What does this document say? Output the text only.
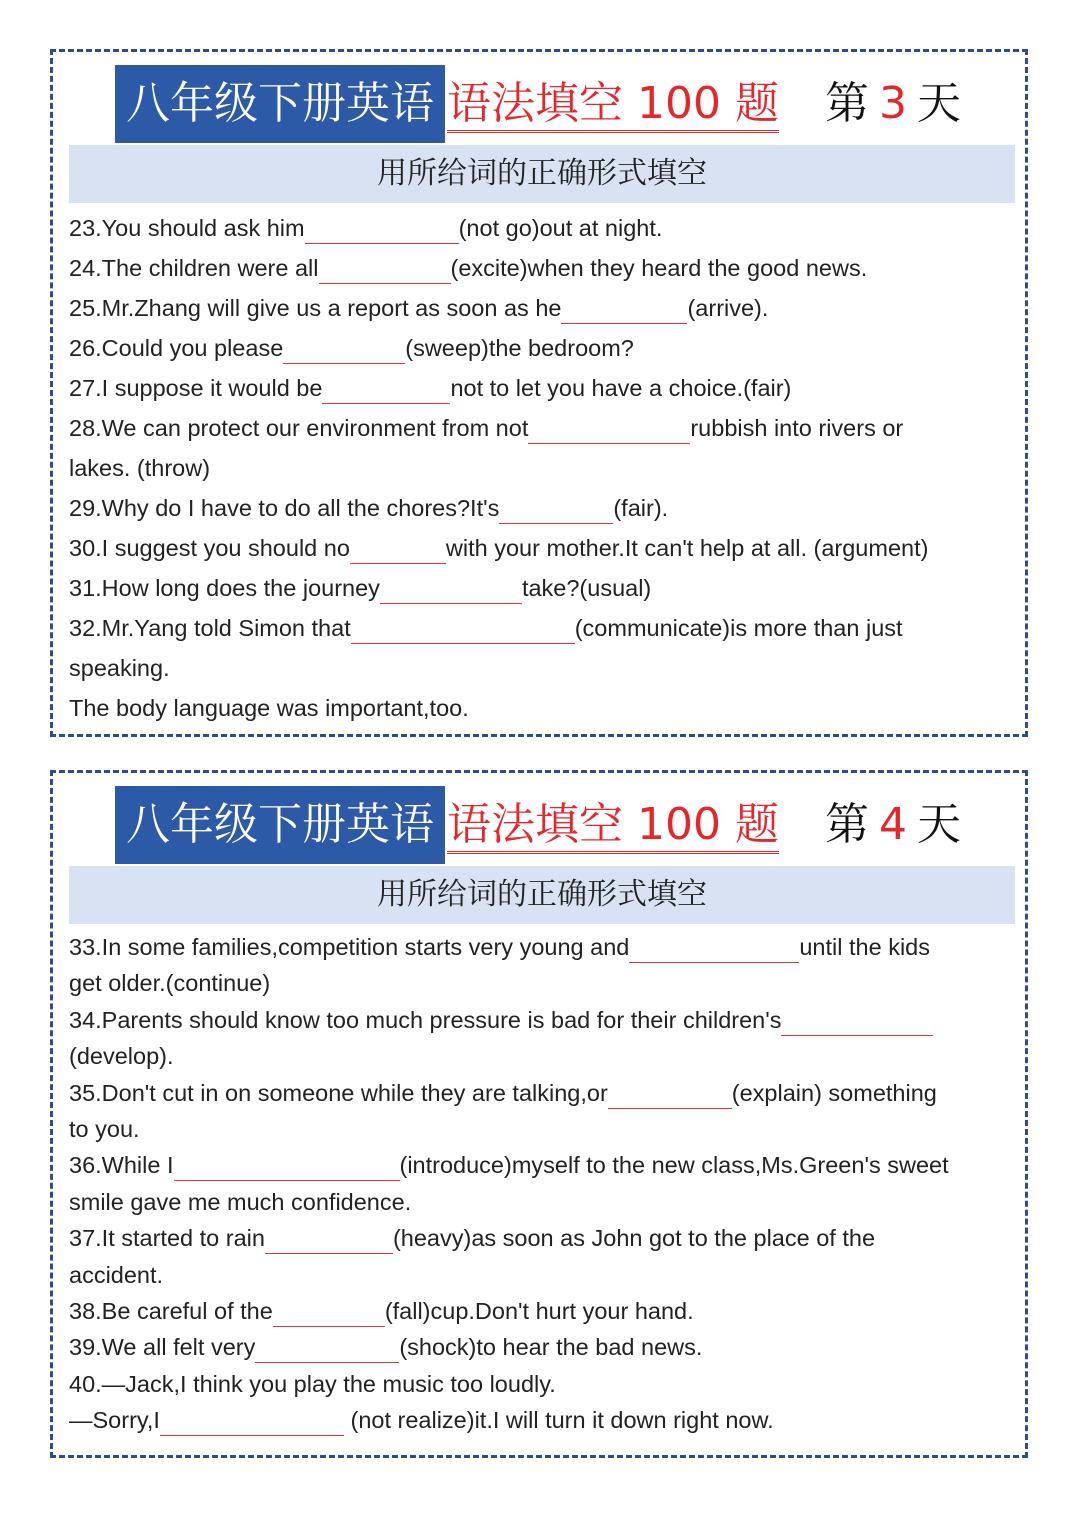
八年级下册英语 语法填空 100 题 第 3 天
用所给词的正确形式填空
23.You should ask him	(not go)out at night.
24.The children were all	(excite)when they heard the good news.
25.Mr.Zhang will give us a report as soon as he	(arrive).
26.Could you please	(sweep)the bedroom?
27.I suppose it would be	not to let you have a choice.(fair)
28.We can protect our environment from not	rubbish into rivers or
lakes. (throw)
29.Why do I have to do all the chores?It's	(fair).
30.I suggest you should no	with your mother.It can't help at all. (argument)
31.How long does the journey	take?(usual)
32.Mr.Yang told Simon that	(communicate)is more than just
speaking.
The body language was important,too.
八年级下册英语 语法填空 100 题 第 4 天
用所给词的正确形式填空
33.In some families,competition starts very young and	until the kids
get older.(continue)
34.Parents should know too much pressure is bad for their children's
(develop).
35.Don't cut in on someone while they are talking,or	(explain) something
to you.
36.While I	(introduce)myself to the new class,Ms.Green's sweet
smile gave me much confidence.
37.It started to rain	(heavy)as soon as John got to the place of the
accident.
38.Be careful of the	(fall)cup.Don't hurt your hand.
39.We all felt very	(shock)to hear the bad news.
40.—Jack,I think you play the music too loudly.
—Sorry,I	(not realize)it.I will turn it down right now.
